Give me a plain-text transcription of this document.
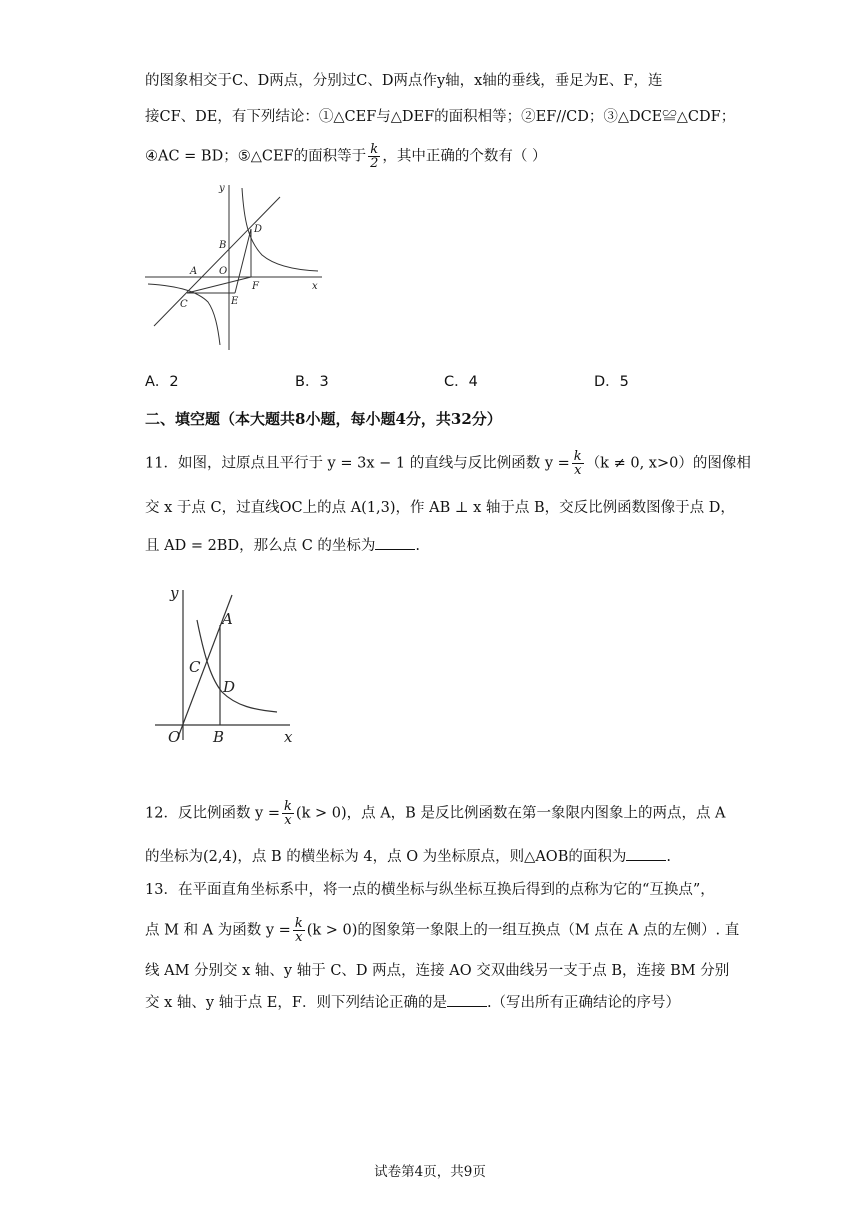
的图象相交于C、D两点，分别过C、D两点作y轴，x轴的垂线，垂足为E、F，连
接CF、DE，有下列结论：①△CEF与△DEF的面积相等；②EF//CD；③△DCE≌△CDF；
④AC = BD；⑤△CEF的面积等于 $\frac{k}{2}$ ，其中正确的个数有（ ）
y
x
B
D
A O
C	E
F
A．2	B．3	C．4	D．5
二、填空题（本大题共8小题，每小题4分，共32分）
11．如图，过原点且平行于 y = 3x − 1 的直线与反比例函数 $y = \frac{k}{x} (k \ne 0$, x>0）的图像相
交 x 于点 C，过直线OC上的点 A(1,3)，作 AB ⊥ x 轴于点 B，交反比例函数图像于点 D，
且 AD = 2BD，那么点 C 的坐标为	.
y
A
C
D
O B	x
12．反比例函数 $y = \frac{k}{x} (k > 0)$，点 A，B 是反比例函数在第一象限内图象上的两点，点 A
的坐标为(2,4)，点 B 的横坐标为 4，点 O 为坐标原点，则△AOB的面积为	.
13．在平面直角坐标系中，将一点的横坐标与纵坐标互换后得到的点称为它的“互换点”，
点 M 和 A 为函数 $y = \frac{k}{x} (k > 0)$的图象第一象限上的一组互换点（M 点在 A 点的左侧）. 直
线 AM 分别交 x 轴、y 轴于 C、D 两点，连接 AO 交双曲线另一支于点 B，连接 BM 分别
交 x 轴、y 轴于点 E，F．则下列结论正确的是	.（写出所有正确结论的序号）
试卷第4页，共9页
